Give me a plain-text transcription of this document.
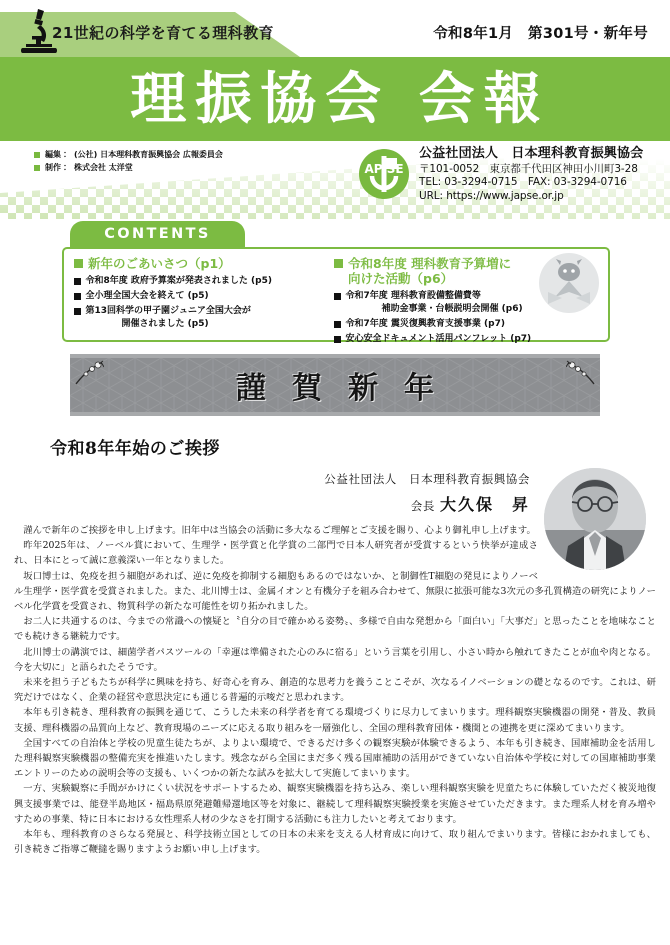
21世紀の科学を育てる理科教育	令和8年1月　第301号・新年号
理振協会 会報
編集： (公社) 日本理科教育振興協会 広報委員会
制作： 株式会社 太洋堂	AP SE
公益社団法人　日本理科教育振興協会
〒101-0052　東京都千代田区神田小川町3-28
TEL: 03-3294-0715　FAX: 03-3294-0716
URL: https://www.japse.or.jp
CONTENTS
新年のごあいさつ（p1）
令和8年度 政府予算案が発表されました (p5)
全小理全国大会を終えて (p5)
第13回科学の甲子園ジュニア全国大会が
開催されました (p5)
令和8年度 理科教育予算増に
向けた活動（p6）
令和7年度 理科教育設備整備費等
補助金事業・台帳説明会開催 (p6)
令和7年度 震災復興教育支援事業 (p7)
安心安全ドキュメント活用パンフレット (p7)
謹賀新年
令和8年年始のご挨拶
公益社団法人　日本理科教育振興協会
会長 大久保　昇

謹んで新年のご挨拶を申し上げます。旧年中は当協会の活動に多大なるご理解とご支援を賜り、心より御礼申し上げます。

昨年2025年は、ノーベル賞において、生理学・医学賞と化学賞の二部門で日本人研究者が受賞するという快挙が達成され、日本にとって誠に意義深い一年となりました。

坂口博士は、免疫を担う細胞があれば、逆に免疫を抑制する細胞もあるのではないか、と制御性T細胞の発見によりノーベル生理学・医学賞を受賞されました。また、北川博士は、金属イオンと有機分子を組み合わせて、無限に拡張可能な3次元の多孔質構造の研究によりノーベル化学賞を受賞され、物質科学の新たな可能性を切り拓かれました。

お二人に共通するのは、今までの常識への懐疑と〝自分の目で確かめる姿勢〟、多様で自由な発想から「面白い」「大事だ」と思ったことを地味なことでも続けきる継続力です。

北川博士の講演では、細菌学者パスツールの「幸運は準備された心のみに宿る」という言葉を引用し、小さい時から触れてきたことが血や肉となる。今を大切に」と語られたそうです。

未来を担う子どもたちが科学に興味を持ち、好奇心を育み、創造的な思考力を養うことこそが、次なるイノベーションの礎となるのです。これは、研究だけではなく、企業の経営や意思決定にも通じる普遍的示唆だと思われます。

本年も引き続き、理科教育の振興を通じて、こうした未来の科学者を育てる環境づくりに尽力してまいります。理科観察実験機器の開発・普及、教員支援、理科機器の品質向上など、教育現場のニーズに応える取り組みを一層強化し、全国の理科教育団体・機関との連携を更に深めてまいります。

全国すべての自治体と学校の児童生徒たちが、よりよい環境で、できるだけ多くの観察実験が体験できるよう、本年も引き続き、国庫補助金を活用した理科観察実験機器の整備充実を推進いたします。残念ながら全国にまだ多く残る国庫補助の活用ができていない自治体や学校に対しての国庫補助事業エントリーのための説明会等の支援も、いくつかの新たな試みを拡大して実施してまいります。

一方、実験観察に手間がかけにくい状況をサポートするため、観察実験機器を持ち込み、楽しい理科観察実験を児童たちに体験していただく被災地復興支援事業では、能登半島地区・福島県原発避難帰還地区等を対象に、継続して理科観察実験授業を実施させていただきます。また理系人材を育み増やすための事業、特に日本における女性理系人材の少なさを打開する活動にも注力したいと考えております。

本年も、理科教育のさらなる発展と、科学技術立国としての日本の未来を支える人材育成に向けて、取り組んでまいります。皆様におかれましても、引き続きご指導ご鞭撻を賜りますようお願い申し上げます。
